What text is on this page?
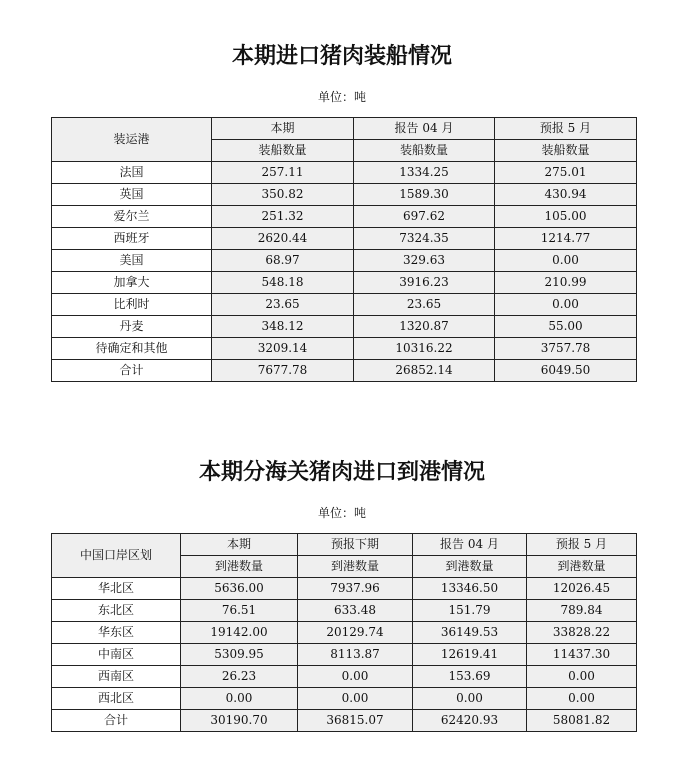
本期进口猪肉装船情况
单位：吨
装运港	本期	报告 04 月	预报 5 月
	装船数量	装船数量	装船数量
法国	257.11	1334.25	275.01
英国	350.82	1589.30	430.94
爱尔兰	251.32	697.62	105.00
西班牙	2620.44	7324.35	1214.77
美国	68.97	329.63	0.00
加拿大	548.18	3916.23	210.99
比利时	23.65	23.65	0.00
丹麦	348.12	1320.87	55.00
待确定和其他	3209.14	10316.22	3757.78
合计	7677.78	26852.14	6049.50
本期分海关猪肉进口到港情况
单位：吨
中国口岸区划	本期	预报下期	报告 04 月	预报 5 月
	到港数量	到港数量	到港数量	到港数量
华北区	5636.00	7937.96	13346.50	12026.45
东北区	76.51	633.48	151.79	789.84
华东区	19142.00	20129.74	36149.53	33828.22
中南区	5309.95	8113.87	12619.41	11437.30
西南区	26.23	0.00	153.69	0.00
西北区	0.00	0.00	0.00	0.00
合计	30190.70	36815.07	62420.93	58081.82
